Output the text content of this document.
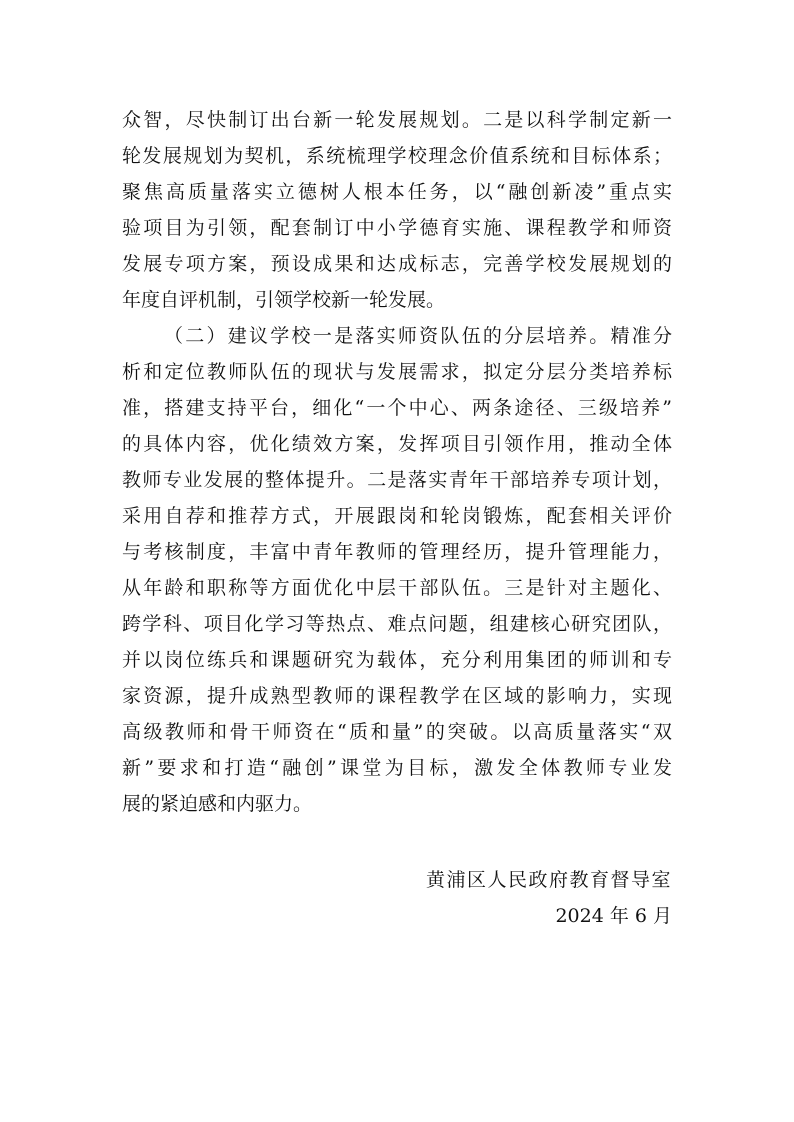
众智，尽快制订出台新一轮发展规划。二是以科学制定新一
轮发展规划为契机，系统梳理学校理念价值系统和目标体系；
聚焦高质量落实立德树人根本任务，以“融创新凌”重点实
验项目为引领，配套制订中小学德育实施、课程教学和师资
发展专项方案，预设成果和达成标志，完善学校发展规划的
年度自评机制，引领学校新一轮发展。
（二）建议学校一是落实师资队伍的分层培养。精准分
析和定位教师队伍的现状与发展需求，拟定分层分类培养标
准，搭建支持平台，细化“一个中心、两条途径、三级培养”
的具体内容，优化绩效方案，发挥项目引领作用，推动全体
教师专业发展的整体提升。二是落实青年干部培养专项计划，
采用自荐和推荐方式，开展跟岗和轮岗锻炼，配套相关评价
与考核制度，丰富中青年教师的管理经历，提升管理能力，
从年龄和职称等方面优化中层干部队伍。三是针对主题化、
跨学科、项目化学习等热点、难点问题，组建核心研究团队，
并以岗位练兵和课题研究为载体，充分利用集团的师训和专
家资源，提升成熟型教师的课程教学在区域的影响力，实现
高级教师和骨干师资在“质和量”的突破。以高质量落实“双
新”要求和打造“融创”课堂为目标，激发全体教师专业发
展的紧迫感和内驱力。
黄浦区人民政府教育督导室
2024 年 6 月
